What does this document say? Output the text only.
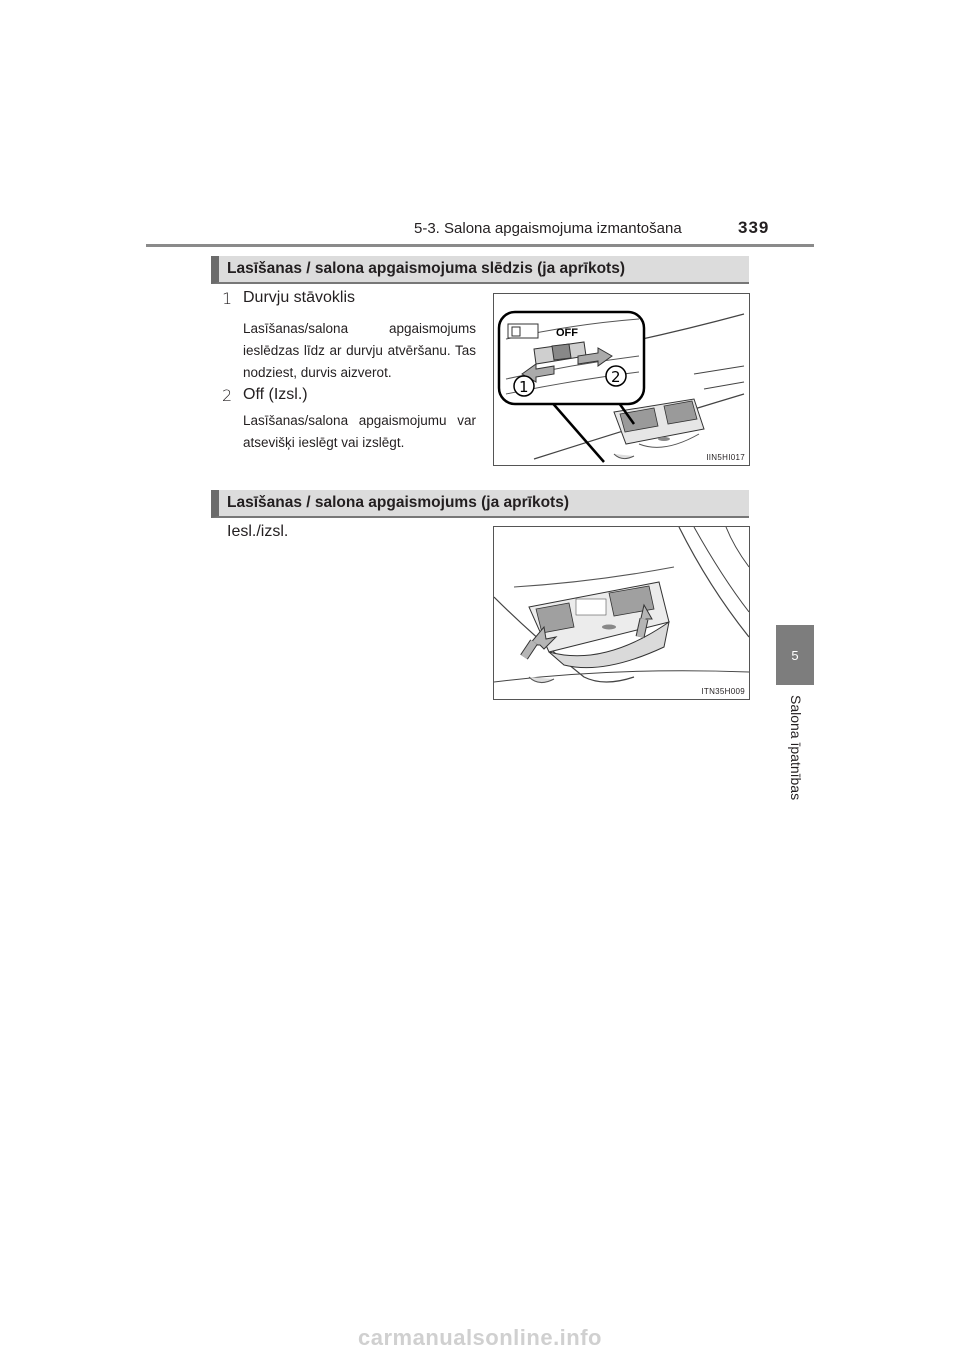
5-3. Salona apgaismojuma izmantošana	339
5
Salona īpatnības
Lasīšanas / salona apgaismojuma slēdzis (ja aprīkots)
1 Durvju stāvoklis
Lasīšanas/salona apgaismojums ieslēdzas līdz ar durvju atvēršanu. Tas nodziest, durvis aizverot.
2 Off (Izsl.)
Lasīšanas/salona apgaismojumu var atsevišķi ieslēgt vai izslēgt.
OFF
1
2
IIN5HI017
Lasīšanas / salona apgaismojums (ja aprīkots)
Iesl./izsl.
ITN35H009
carmanualsonline.info
